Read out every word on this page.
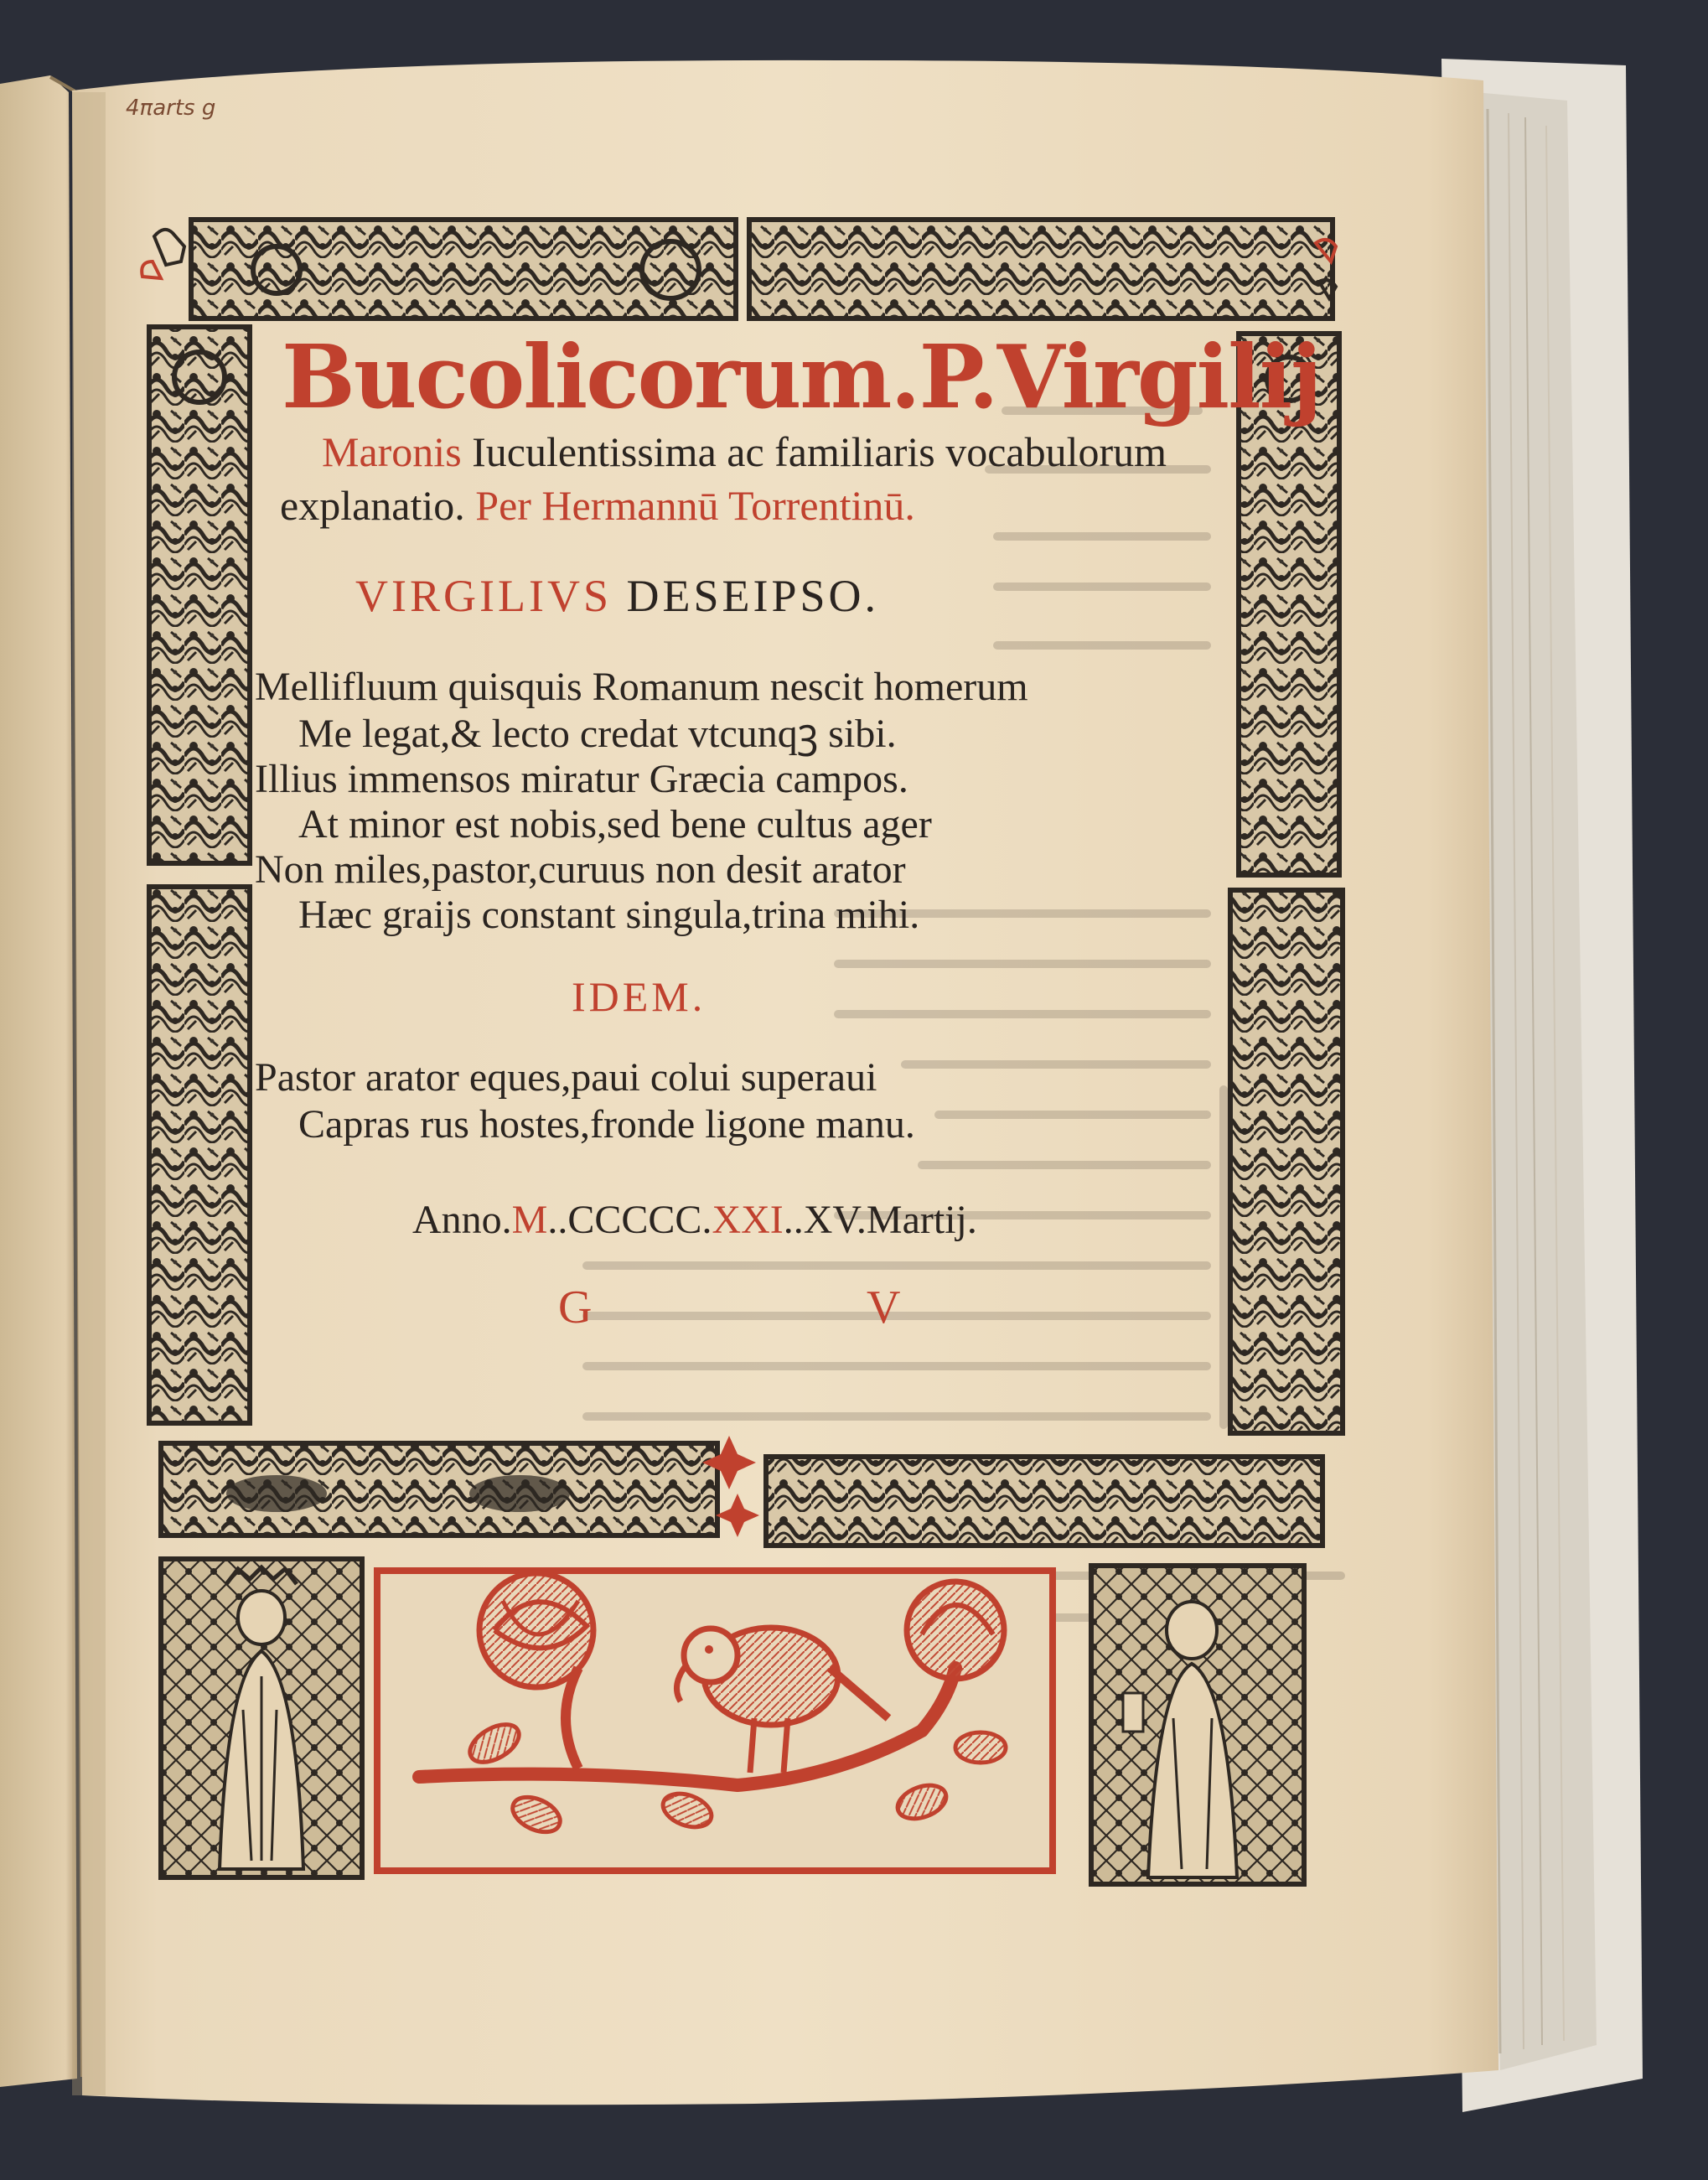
4πarts g

Bucolicorum.P.Virgilij

Maronis Iuculentissima ac familiaris vocabulorum

explanatio. Per Hermannū Torrentinū.

VIRGILIVS DESEIPSO.

Mellifluum quisquis Romanum nescit homerum

Me legat,& lecto credat vtcunqꝫ sibi.

Illius immensos miratur Græcia campos.

At minor est nobis,sed bene cultus ager

Non miles,pastor,curuus non desit arator

Hæc graijs constant singula,trina mihi.

IDEM.

Pastor arator eques,paui colui superaui

Capras rus hostes,fronde ligone manu.

Anno.M..CCCCC.XXI..XV.Martij.

G	V
